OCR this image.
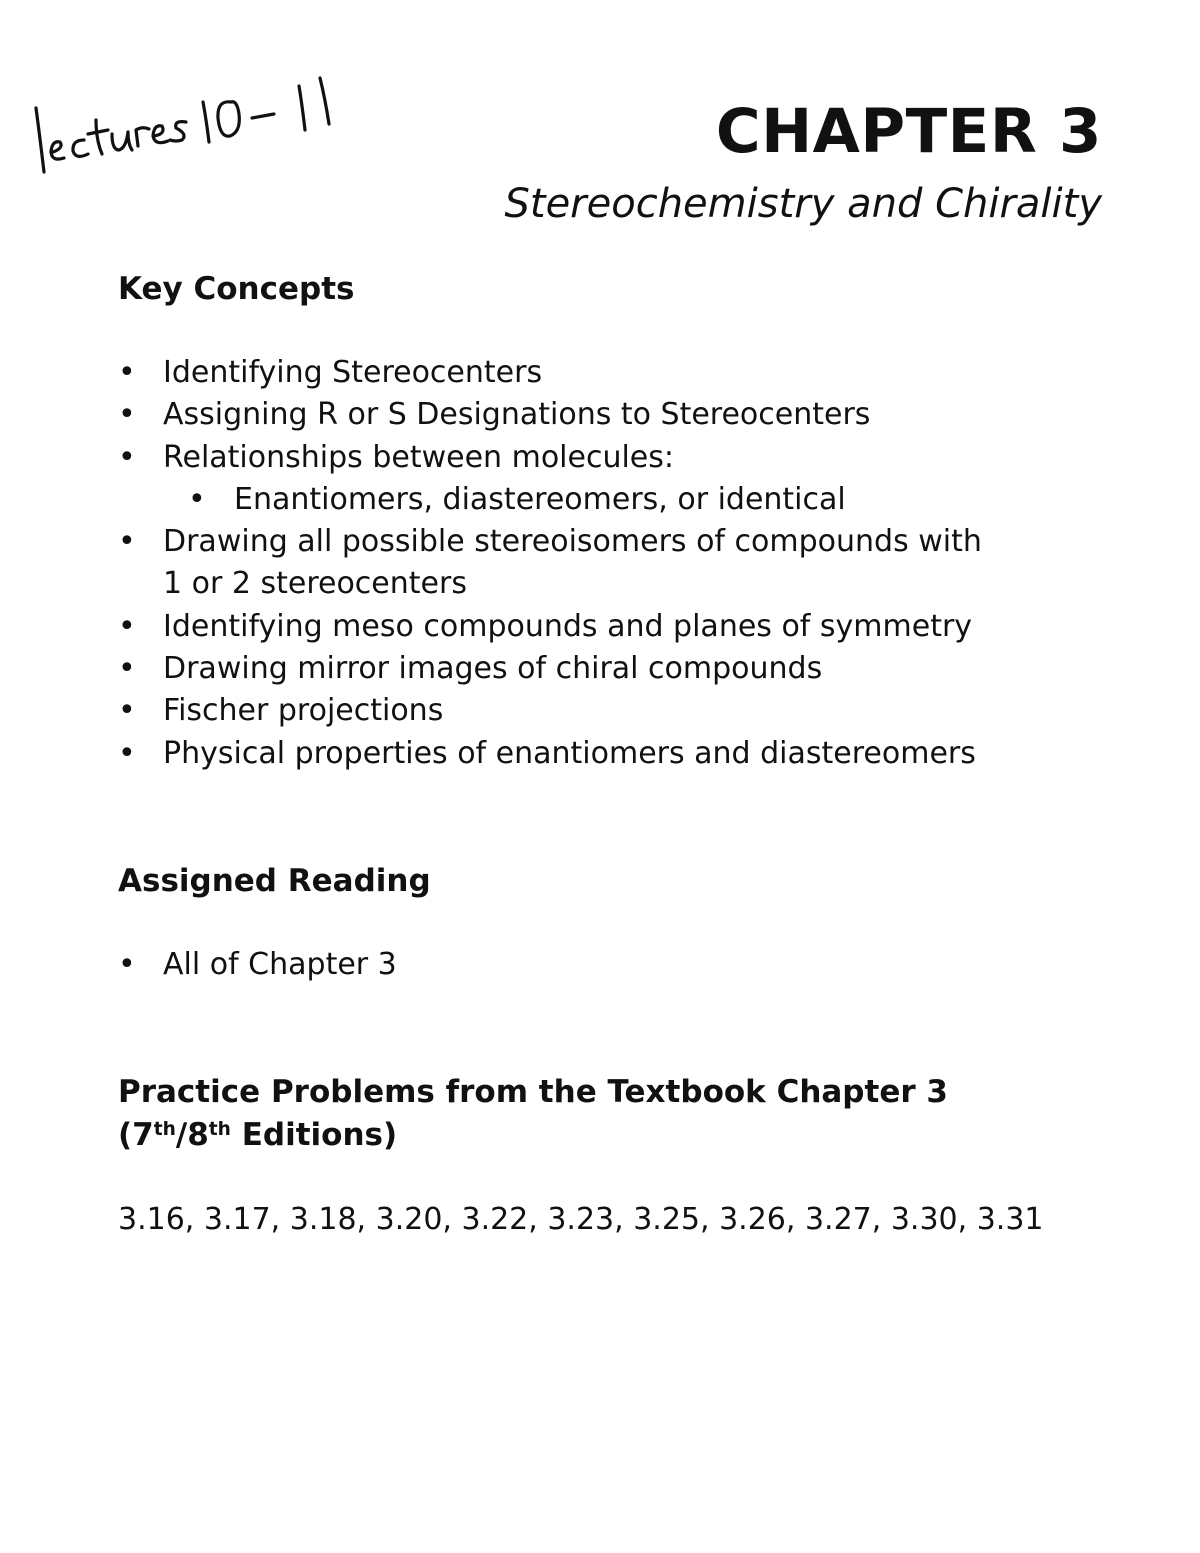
CHAPTER 3
Stereochemistry and Chirality
Key Concepts
• Identifying Stereocenters
• Assigning R or S Designations to Stereocenters
• Relationships between molecules:
• Enantiomers, diastereomers, or identical
• Drawing all possible stereoisomers of compounds with
1 or 2 stereocenters
• Identifying meso compounds and planes of symmetry
• Drawing mirror images of chiral compounds
• Fischer projections
• Physical properties of enantiomers and diastereomers
Assigned Reading
• All of Chapter 3
Practice Problems from the Textbook Chapter 3
(7th/8th Editions)

3.16, 3.17, 3.18, 3.20, 3.22, 3.23, 3.25, 3.26, 3.27, 3.30, 3.31
